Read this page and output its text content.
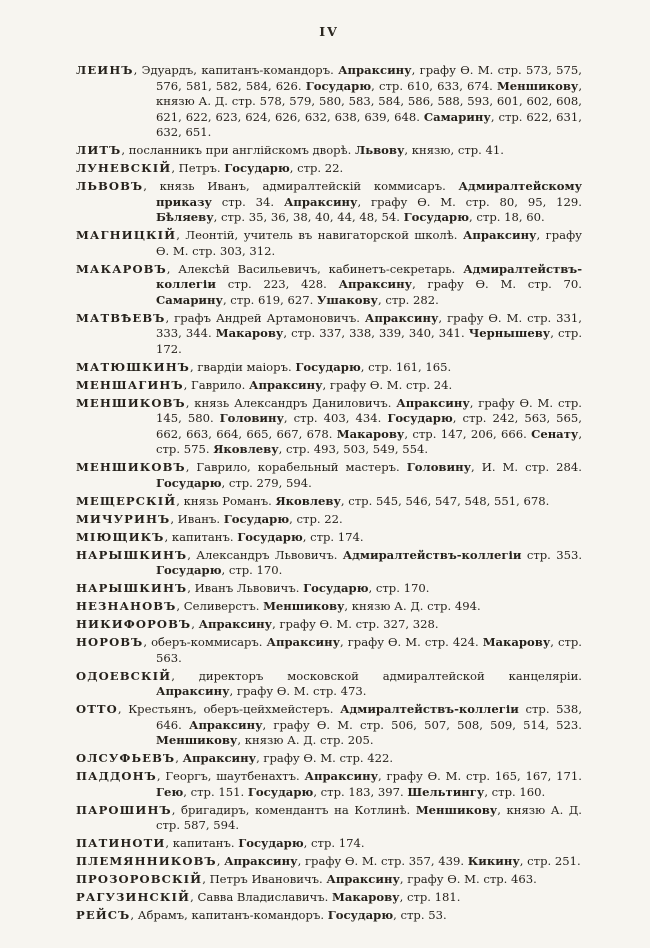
IV

ЛЕИНЪ, Эдуардъ, капитанъ-командоръ. Апраксину, графу Ѳ. М. стр. 573, 575, 576, 581, 582, 584, 626. Государю, стр. 610, 633, 674. Меншикову, князю А. Д. стр. 578, 579, 580, 583, 584, 586, 588, 593, 601, 602, 608, 621, 622, 623, 624, 626, 632, 638, 639, 648. Самарину, стр. 622, 631, 632, 651.

ЛИТЪ, посланникъ при англійскомъ дворѣ. Львову, князю, стр. 41.

ЛУНЕВСКІЙ, Петръ. Государю, стр. 22.

ЛЬВОВЪ, князь Иванъ, адмиралтейскій коммисаръ. Адмиралтейскому приказу стр. 34. Апраксину, графу Ѳ. М. стр. 80, 95, 129. Бѣляеву, стр. 35, 36, 38, 40, 44, 48, 54. Государю, стр. 18, 60.

МАГНИЦКІЙ, Леонтій, учитель въ навигаторской школѣ. Апраксину, графу Ѳ. М. стр. 303, 312.

МАКАРОВЪ, Алексѣй Васильевичъ, кабинетъ-секретарь. Адмиралтействъ-коллегіи стр. 223, 428. Апраксину, графу Ѳ. М. стр. 70. Самарину, стр. 619, 627. Ушакову, стр. 282.

МАТВѢЕВЪ, графъ Андрей Артамоновичъ. Апраксину, графу Ѳ. М. стр. 331, 333, 344. Макарову, стр. 337, 338, 339, 340, 341. Чернышеву, стр. 172.

МАТЮШКИНЪ, гвардіи маіоръ. Государю, стр. 161, 165.

МЕНШАГИНЪ, Гаврило. Апраксину, графу Ѳ. М. стр. 24.

МЕНШИКОВЪ, князь Александръ Даниловичъ. Апраксину, графу Ѳ. М. стр. 145, 580. Головину, стр. 403, 434. Государю, стр. 242, 563, 565, 662, 663, 664, 665, 667, 678. Макарову, стр. 147, 206, 666. Сенату, стр. 575. Яковлеву, стр. 493, 503, 549, 554.

МЕНШИКОВЪ, Гаврило, корабельный мастеръ. Головину, И. М. стр. 284. Государю, стр. 279, 594.

МЕЩЕРСКІЙ, князь Романъ. Яковлеву, стр. 545, 546, 547, 548, 551, 678.

МИЧУРИНЪ, Иванъ. Государю, стр. 22.

МІЮЩИКЪ, капитанъ. Государю, стр. 174.

НАРЫШКИНЪ, Александръ Львовичъ. Адмиралтействъ-коллегіи стр. 353. Государю, стр. 170.

НАРЫШКИНЪ, Иванъ Львовичъ. Государю, стр. 170.

НЕЗНАНОВЪ, Селиверстъ. Меншикову, князю А. Д. стр. 494.

НИКИФОРОВЪ, Апраксину, графу Ѳ. М. стр. 327, 328.

НОРОВЪ, оберъ-коммисаръ. Апраксину, графу Ѳ. М. стр. 424. Макарову, стр. 563.

ОДОЕВСКІЙ, директоръ московской адмиралтейской канцеляріи. Апраксину, графу Ѳ. М. стр. 473.

ОТТО, Крестьянъ, оберъ-цейхмейстеръ. Адмиралтействъ-коллегіи стр. 538, 646. Апраксину, графу Ѳ. М. стр. 506, 507, 508, 509, 514, 523. Меншикову, князю А. Д. стр. 205.

ОЛСУФЬЕВЪ, Апраксину, графу Ѳ. М. стр. 422.

ПАДДОНЪ, Георгъ, шаутбенахтъ. Апраксину, графу Ѳ. М. стр. 165, 167, 171. Гею, стр. 151. Государю, стр. 183, 397. Шельтингу, стр. 160.

ПАРОШИНЪ, бригадиръ, комендантъ на Котлинѣ. Меншикову, князю А. Д. стр. 587, 594.

ПАТИНОТИ, капитанъ. Государю, стр. 174.

ПЛЕМЯННИКОВЪ, Апраксину, графу Ѳ. М. стр. 357, 439. Кикину, стр. 251.

ПРОЗОРОВСКІЙ, Петръ Ивановичъ. Апраксину, графу Ѳ. М. стр. 463.

РАГУЗИНСКІЙ, Савва Владиславичъ. Макарову, стр. 181.

РЕЙСЪ, Абрамъ, капитанъ-командоръ. Государю, стр. 53.
